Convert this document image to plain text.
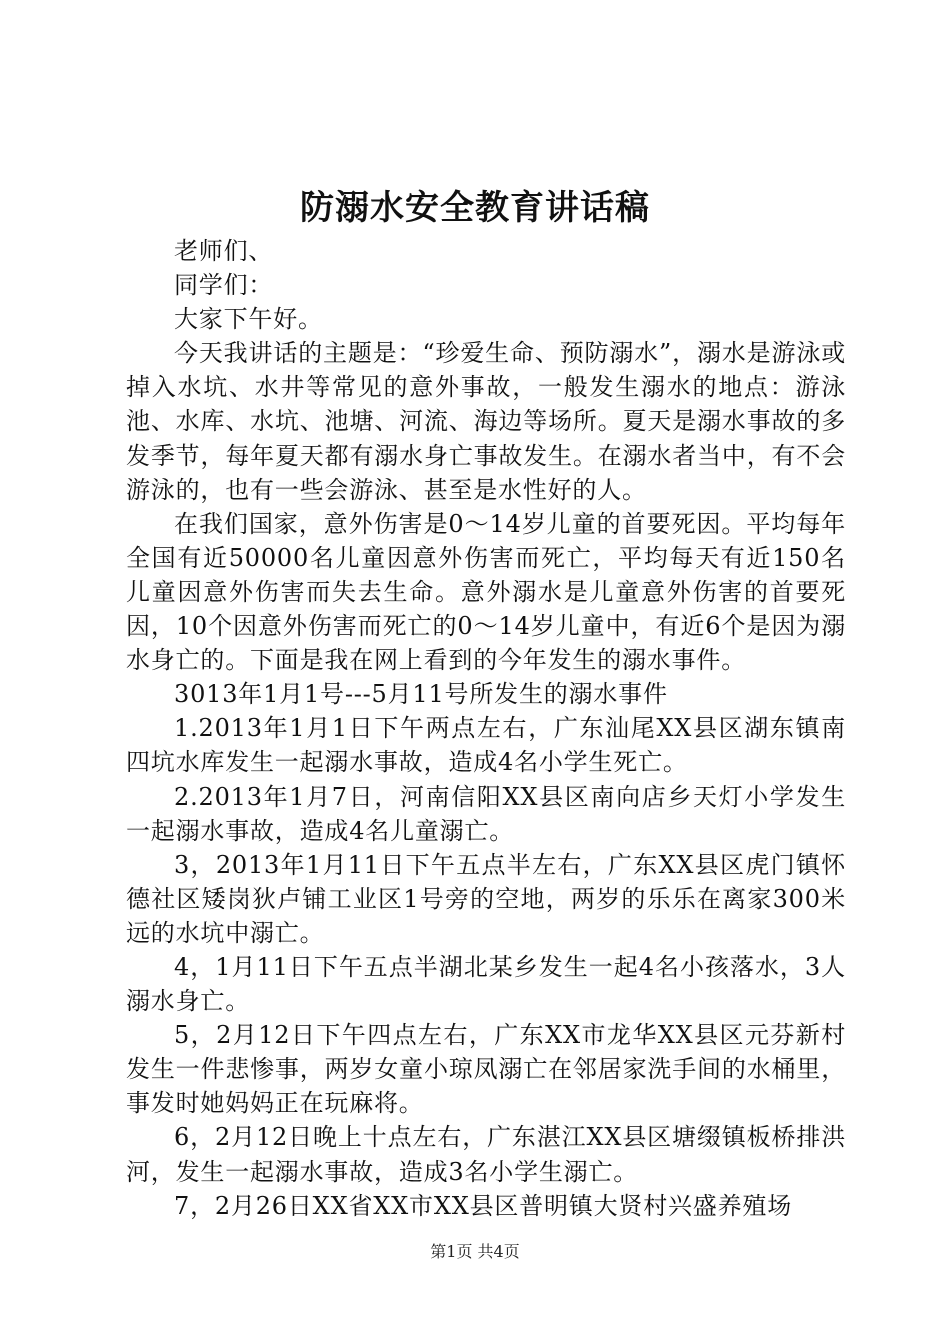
防溺水安全教育讲话稿

老师们、

同学们：

大家下午好。

今天我讲话的主题是：“珍爱生命、预防溺水”，溺水是游泳或掉入水坑、水井等常见的意外事故，一般发生溺水的地点：游泳池、水库、水坑、池塘、河流、海边等场所。夏天是溺水事故的多发季节，每年夏天都有溺水身亡事故发生。在溺水者当中，有不会游泳的，也有一些会游泳、甚至是水性好的人。

在我们国家，意外伤害是0～14岁儿童的首要死因。平均每年全国有近50000名儿童因意外伤害而死亡，平均每天有近150名儿童因意外伤害而失去生命。意外溺水是儿童意外伤害的首要死因，10个因意外伤害而死亡的0～14岁儿童中，有近6个是因为溺水身亡的。下面是我在网上看到的今年发生的溺水事件。

3013年1月1号---5月11号所发生的溺水事件

1.2013年1月1日下午两点左右，广东汕尾XX县区湖东镇南四坑水库发生一起溺水事故，造成4名小学生死亡。

2.2013年1月7日，河南信阳XX县区南向店乡天灯小学发生一起溺水事故，造成4名儿童溺亡。

3，2013年1月11日下午五点半左右，广东XX县区虎门镇怀德社区矮岗狄卢铺工业区1号旁的空地，两岁的乐乐在离家300米远的水坑中溺亡。

4，1月11日下午五点半湖北某乡发生一起4名小孩落水，3人溺水身亡。

5，2月12日下午四点左右，广东XX市龙华XX县区元芬新村发生一件悲惨事，两岁女童小琼凤溺亡在邻居家洗手间的水桶里，事发时她妈妈正在玩麻将。

6，2月12日晚上十点左右，广东湛江XX县区塘缀镇板桥排洪河，发生一起溺水事故，造成3名小学生溺亡。

7，2月26日XX省XX市XX县区普明镇大贤村兴盛养殖场

第1页 共4页
